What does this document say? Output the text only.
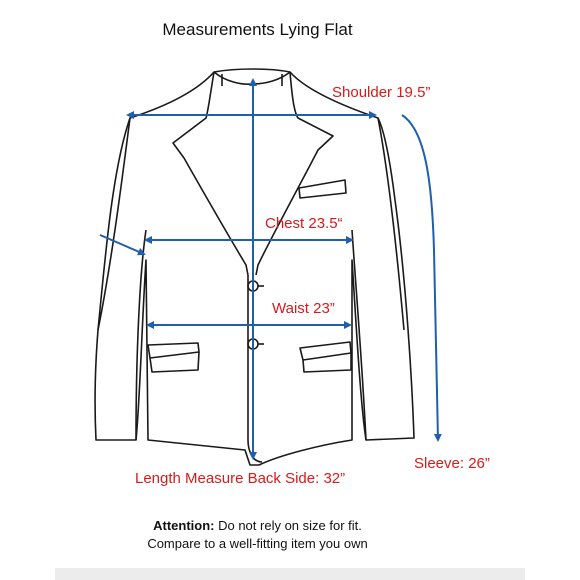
Measurements Lying Flat
Shoulder 19.5”
Chest 23.5“
Waist 23”
Sleeve: 26”
Length Measure Back Side: 32”
Attention: Do not rely on size for fit.
Compare to a well-fitting item you own
